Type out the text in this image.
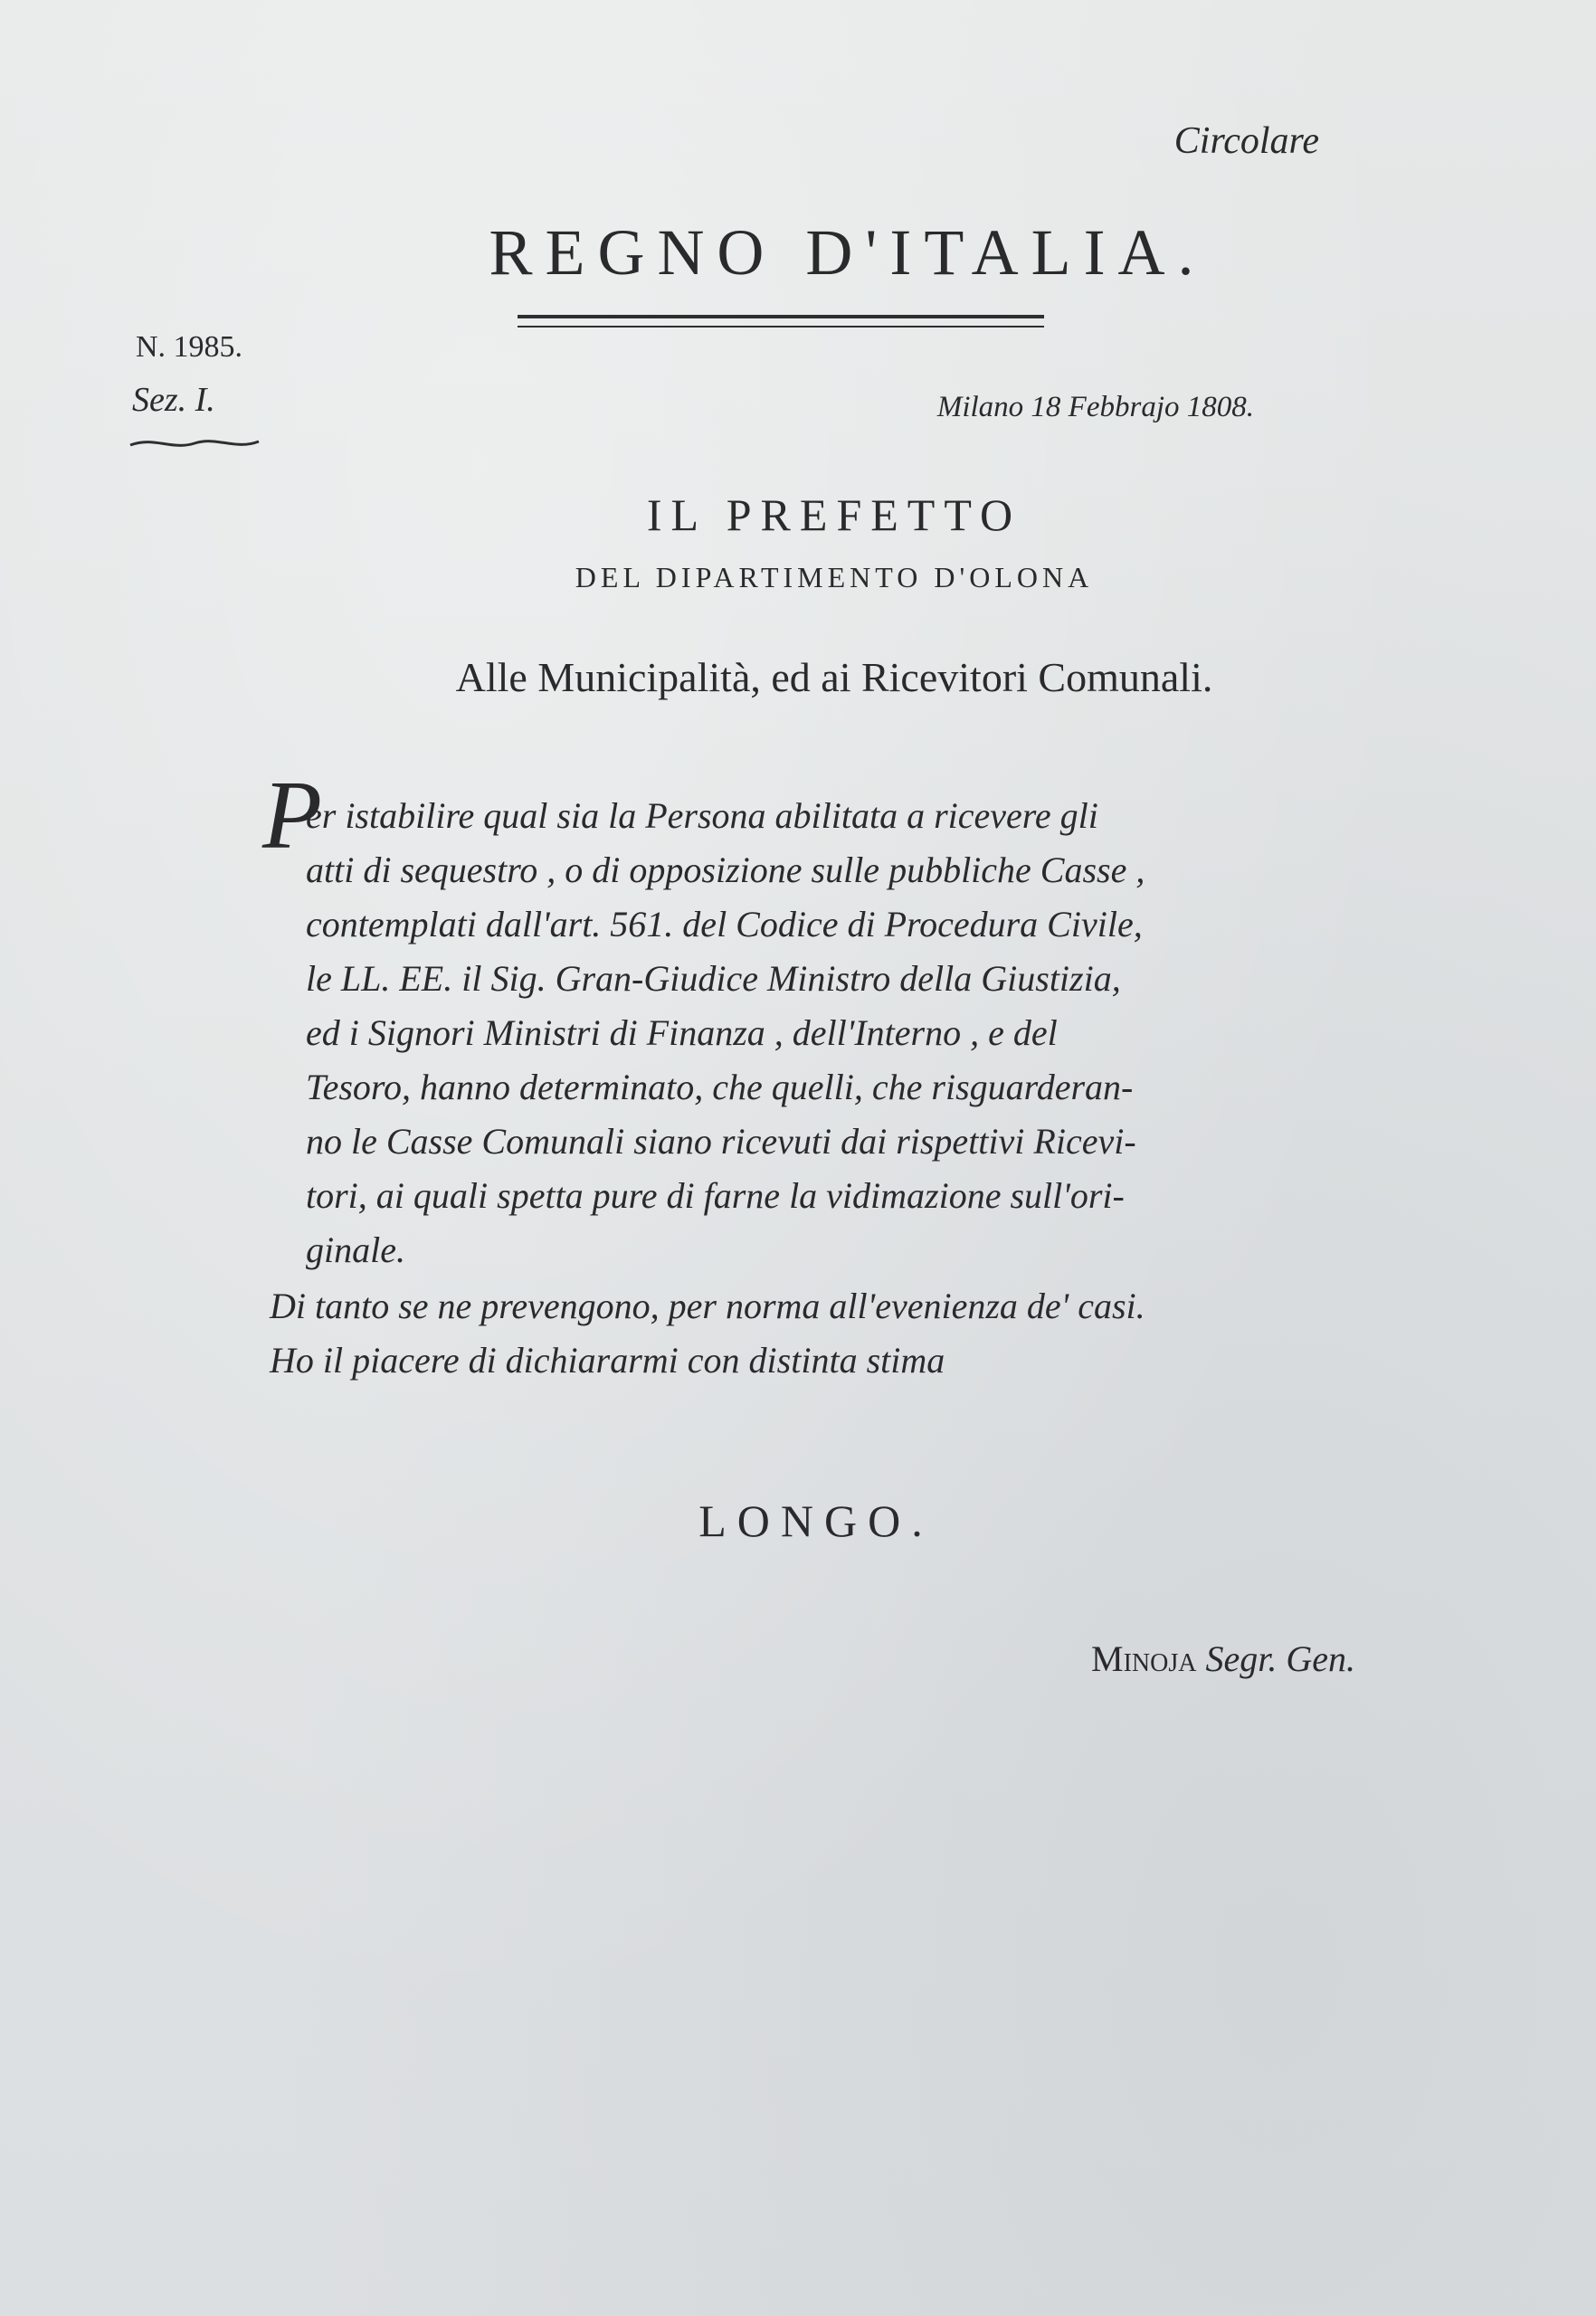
Circolare
REGNO D'ITALIA.
N. 1985.
Sez. I.	Milano 18 Febbrajo 1808.
IL PREFETTO
DEL DIPARTIMENTO D'OLONA
Alle Municipalità, ed ai Ricevitori Comunali.
P
er istabilire qual sia la Persona abilitata a ricevere gli
atti di sequestro , o di opposizione sulle pubbliche Casse ,
contemplati dall'art. 561. del Codice di Procedura Civile,
le LL. EE. il Sig. Gran-Giudice Ministro della Giustizia,
ed i Signori Ministri di Finanza , dell'Interno , e del
Tesoro, hanno determinato, che quelli, che risguarderan-
no le Casse Comunali siano ricevuti dai rispettivi Ricevi-
tori, ai quali spetta pure di farne la vidimazione sull'ori-
ginale.
Di tanto se ne prevengono, per norma all'evenienza de' casi.
Ho il piacere di dichiararmi con distinta stima
LONGO.
Minoja Segr. Gen.
